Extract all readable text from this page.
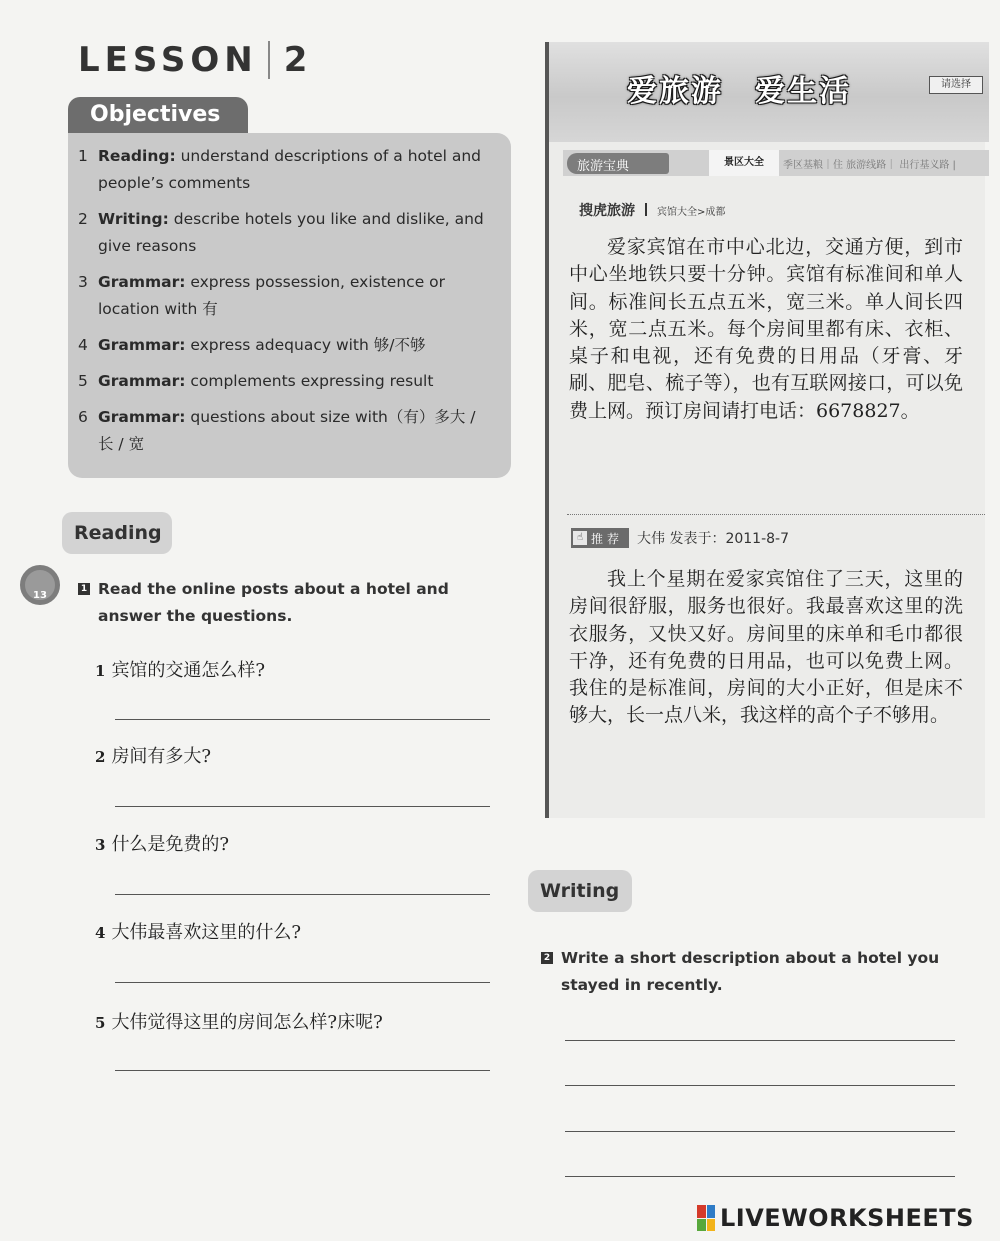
LESSON 2
Objectives
1 Reading: understand descriptions of a hotel and people’s comments
2 Writing: describe hotels you like and dislike, and give reasons
3 Grammar: express possession, existence or location with 有
4 Grammar: express adequacy with 够/不够
5 Grammar: complements expressing result
6 Grammar: questions about size with（有）多大 / 长 / 宽
Reading
13
1 Read the online posts about a hotel and answer the questions.
1 宾馆的交通怎么样?
2 房间有多大?
3 什么是免费的?
4 大伟最喜欢这里的什么?
5 大伟觉得这里的房间怎么样?床呢?
爱旅游　爱生活	请选择
旅游宝典	景区大全	季区基粮｜住 旅游线路｜ 出行基义路 |
搜虎旅游 宾馆大全>成都
爱家宾馆在市中心北边，交通方便，到市中心坐地铁只要十分钟。宾馆有标准间和单人间。标准间长五点五米，宽三米。单人间长四米，宽二点五米。每个房间里都有床、衣柜、桌子和电视，还有免费的日用品（牙膏、牙刷、肥皂、梳子等），也有互联网接口，可以免费上网。预订房间请打电话：6678827。
☝ 推荐 大伟 发表于：2011-8-7
我上个星期在爱家宾馆住了三天，这里的房间很舒服，服务也很好。我最喜欢这里的洗衣服务，又快又好。房间里的床单和毛巾都很干净，还有免费的日用品，也可以免费上网。我住的是标准间，房间的大小正好，但是床不够大，长一点八米，我这样的高个子不够用。
Writing
2 Write a short description about a hotel you stayed in recently.
LIVEWORKSHEETS
